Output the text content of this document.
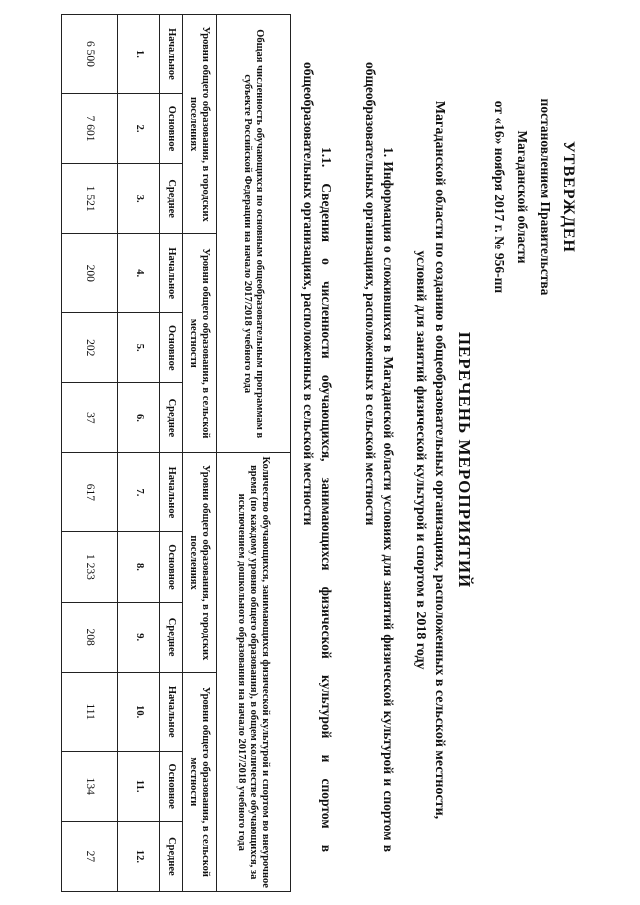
УТВЕРЖДЕН
постановлением Правительства
Магаданской области
от «16» ноября 2017 г. № 956-пп
ПЕРЕЧЕНЬ МЕРОПРИЯТИЙ
Магаданской области по созданию в общеобразовательных организациях, расположенных в сельской местности,
условий для занятий физической культурой и спортом в 2018 году

1. Информация о сложившихся в Магаданской области условиях для занятий физической культурой и спортом в общеобразовательных организациях, расположенных в сельской местности

1.1. Сведения о численности обучающихся, занимающихся физической культурой и спортом в общеобразовательных организациях, расположенных в сельской местности

Общая численность обучающихся по основным общеобразовательным программам в субъекте Российской Федерации на начало 2017/2018 учебного года						Количество обучающихся, занимающихся физической культурой и спортом во внеурочное время (по каждому уровню общего образования), в общем количестве обучающихся, за исключением дошкольного образования на начало 2017/2018 учебного года					
Уровни общего образования, в городских поселениях			Уровни общего образования, в сельской местности			Уровни общего образования, в городских поселениях			Уровни общего образования, в сельской местности		
Начальное	Основное	Среднее	Начальное	Основное	Среднее	Начальное	Основное	Среднее	Начальное	Основное	Среднее
1.	2.	3.	4.	5.	6.	7.	8.	9.	10.	11.	12.
6 500	7 601	1 521	200	202	37	617	1 233	208	111	134	27
